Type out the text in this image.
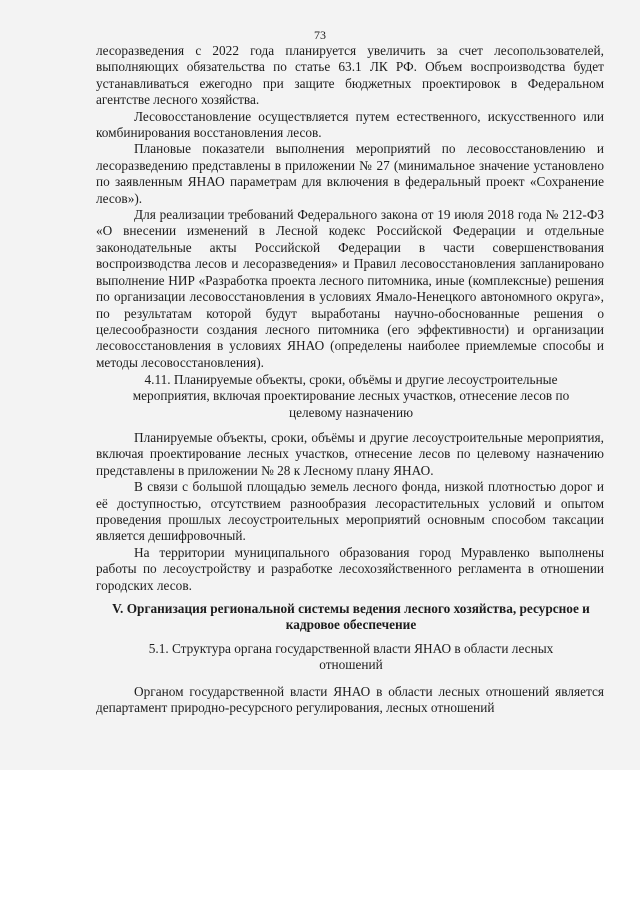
73

лесоразведения с 2022 года планируется увеличить за счет лесопользователей, выполняющих обязательства по статье 63.1 ЛК РФ. Объем воспроизводства будет устанавливаться ежегодно при защите бюджетных проектировок в Федеральном агентстве лесного хозяйства.

Лесовосстановление осуществляется путем естественного, искусственного или комбинирования восстановления лесов.

Плановые показатели выполнения мероприятий по лесовосстановлению и лесоразведению представлены в приложении № 27 (минимальное значение установлено по заявленным ЯНАО параметрам для включения в федеральный проект «Сохранение лесов»).

Для реализации требований Федерального закона от 19 июля 2018 года № 212-ФЗ «О внесении изменений в Лесной кодекс Российской Федерации и отдельные законодательные акты Российской Федерации в части совершенствования воспроизводства лесов и лесоразведения» и Правил лесовосстановления запланировано выполнение НИР «Разработка проекта лесного питомника, иные (комплексные) решения по организации лесовосстановления в условиях Ямало-Ненецкого автономного округа», по результатам которой будут выработаны научно-обоснованные решения о целесообразности создания лесного питомника (его эффективности) и организации лесовосстановления в условиях ЯНАО (определены наиболее приемлемые способы и методы лесовосстановления).

4.11. Планируемые объекты, сроки, объёмы и другие лесоустроительные мероприятия, включая проектирование лесных участков, отнесение лесов по целевому назначению

Планируемые объекты, сроки, объёмы и другие лесоустроительные мероприятия, включая проектирование лесных участков, отнесение лесов по целевому назначению представлены в приложении № 28 к Лесному плану ЯНАО.

В связи с большой площадью земель лесного фонда, низкой плотностью дорог и её доступностью, отсутствием разнообразия лесорастительных условий и опытом проведения прошлых лесоустроительных мероприятий основным способом таксации является дешифровочный.

На территории муниципального образования город Муравленко выполнены работы по лесоустройству и разработке лесохозяйственного регламента в отношении городских лесов.

V. Организация региональной системы ведения лесного хозяйства, ресурсное и кадровое обеспечение
5.1. Структура органа государственной власти ЯНАО в области лесных отношений

Органом государственной власти ЯНАО в области лесных отношений является департамент природно-ресурсного регулирования, лесных отношений
